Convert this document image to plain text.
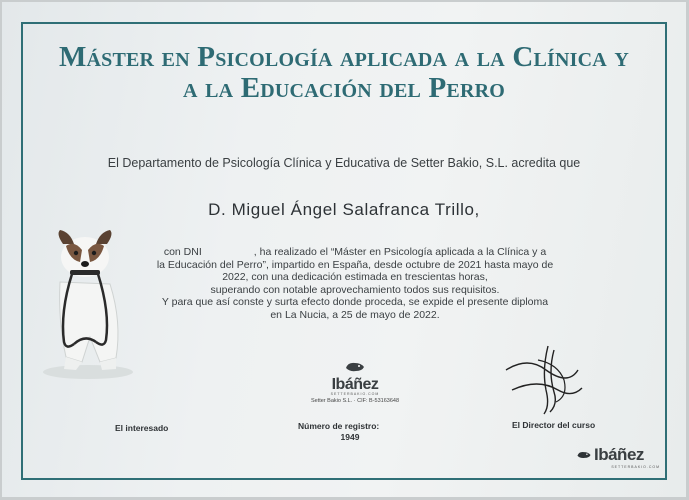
Máster en Psicología aplicada a la Clínica y
a la Educación del Perro
El Departamento de Psicología Clínica y Educativa de Setter Bakio, S.L. acredita que
D. Miguel Ángel Salafranca Trillo,
con DNI	, ha realizado el “Máster en Psicología aplicada a la Clínica y a
la Educación del Perro”, impartido en España, desde octubre de 2021 hasta mayo de
2022, con una dedicación estimada en trescientas horas,
superando con notable aprovechamiento todos sus requisitos.
Y para que así conste y surta efecto donde proceda, se expide el presente diploma
en La Nucia, a 25 de mayo de 2022.
Ibáñez
SETTERBAKIO.COM
Setter Bakio S.L. · CIF: B-53163648
El interesado	Número de registro:
1949
El Director del curso
Ibáñez
SETTERBAKIO.COM
